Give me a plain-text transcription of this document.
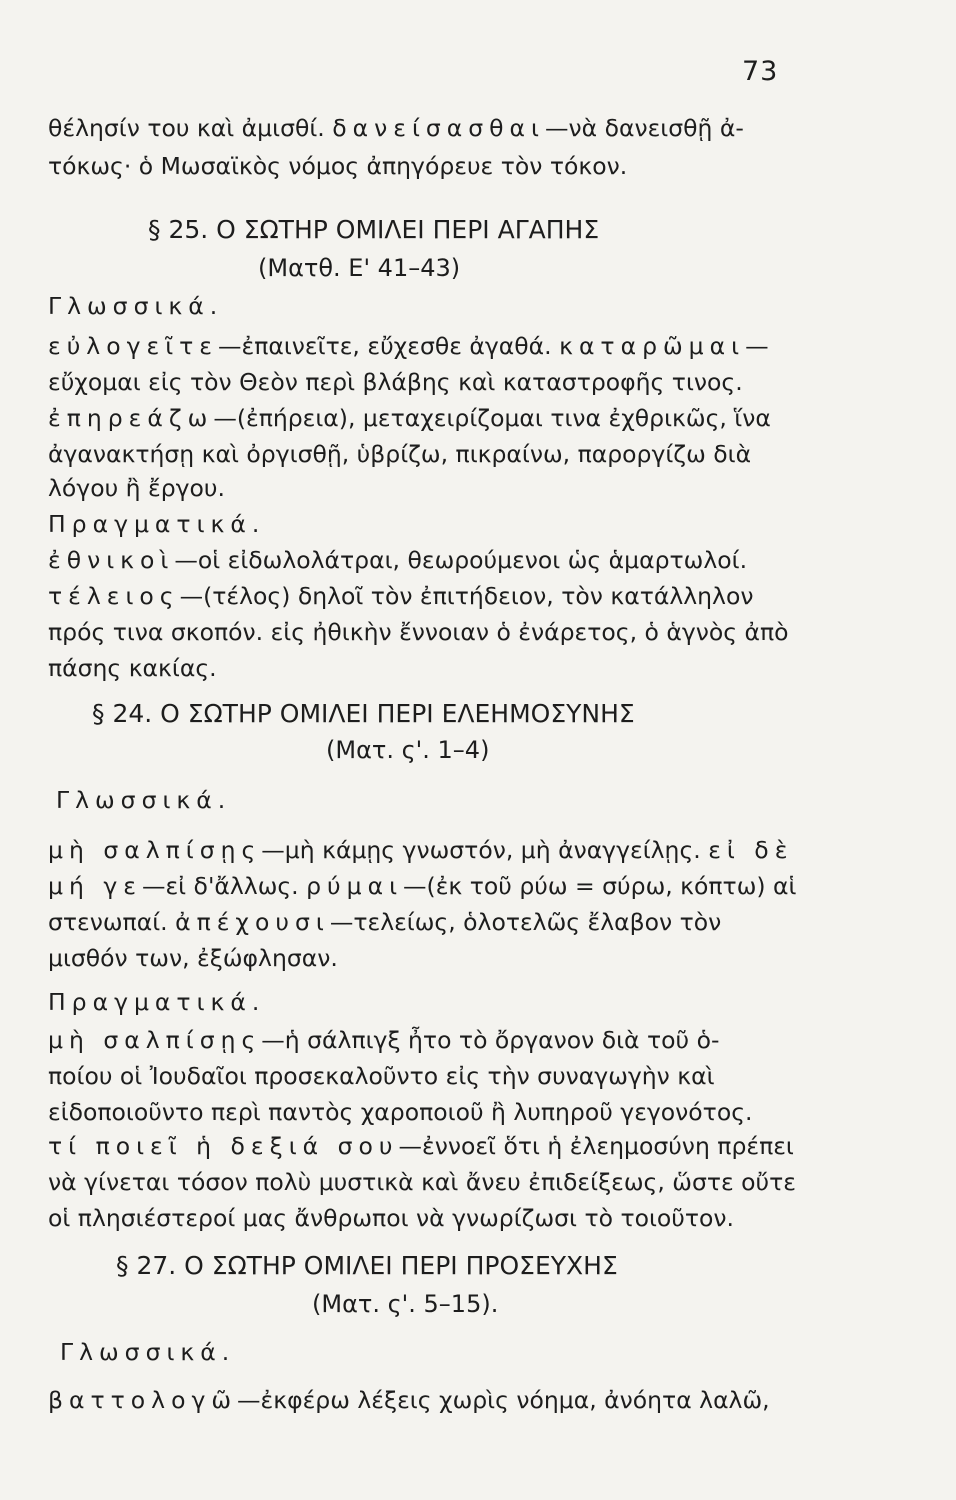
73
θέλησίν του καὶ ἀμισθί. δανείσασθαι—νὰ δανεισθῇ ἀ-
τόκως· ὁ Μωσαϊκὸς νόμος ἀπηγόρευε τὸν τόκον.
§ 25. Ο ΣΩΤΗΡ ΟΜΙΛΕΙ ΠΕΡΙ ΑΓΑΠΗΣ
(Ματθ. Ε' 41–43)
Γλωσσικά.
εὐλογεῖτε—ἐπαινεῖτε, εὔχεσθε ἀγαθά. καταρῶμαι—
εὔχομαι εἰς τὸν Θεὸν περὶ βλάβης καὶ καταστροφῆς τινος.
ἐπηρεάζω—(ἐπήρεια), μεταχειρίζομαι τινα ἐχθρικῶς, ἵνα
ἀγανακτήσῃ καὶ ὀργισθῇ, ὑβρίζω, πικραίνω, παροργίζω διὰ
λόγου ἢ ἔργου.
Πραγματικά.
ἐθνικοὶ—οἱ εἰδωλολάτραι, θεωρούμενοι ὡς ἁμαρτωλοί.
τέλειος—(τέλος) δηλοῖ τὸν ἐπιτήδειον, τὸν κατάλληλον
πρός τινα σκοπόν. εἰς ἠθικὴν ἔννοιαν ὁ ἐνάρετος, ὁ ἁγνὸς ἀπὸ
πάσης κακίας.
§ 24. Ο ΣΩΤΗΡ ΟΜΙΛΕΙ ΠΕΡΙ ΕΛΕΗΜΟΣΥΝΗΣ
(Ματ. ς'. 1–4)
Γλωσσικά.
μὴ σαλπίσῃς—μὴ κάμῃς γνωστόν, μὴ ἀναγγείλῃς. εἰ δὲ
μή γε—εἰ δ'ἄλλως. ρύμαι—(ἐκ τοῦ ρύω = σύρω, κόπτω) αἱ
στενωπαί. ἀπέχουσι—τελείως, ὁλοτελῶς ἔλαβον τὸν
μισθόν των, ἐξώφλησαν.
Πραγματικά.
μὴ σαλπίσῃς—ἡ σάλπιγξ ἦτο τὸ ὄργανον διὰ τοῦ ὁ-
ποίου οἱ Ἰουδαῖοι προσεκαλοῦντο εἰς τὴν συναγωγὴν καὶ
εἰδοποιοῦντο περὶ παντὸς χαροποιοῦ ἢ λυπηροῦ γεγονότος.
τί ποιεῖ ἡ δεξιά σου—ἐννοεῖ ὅτι ἡ ἐλεημοσύνη πρέπει
νὰ γίνεται τόσον πολὺ μυστικὰ καὶ ἄνευ ἐπιδείξεως, ὥστε οὔτε
οἱ πλησιέστεροί μας ἄνθρωποι νὰ γνωρίζωσι τὸ τοιοῦτον.
§ 27. Ο ΣΩΤΗΡ ΟΜΙΛΕΙ ΠΕΡΙ ΠΡΟΣΕΥΧΗΣ
(Ματ. ς'. 5–15).
Γλωσσικά.
βαττολογῶ—ἐκφέρω λέξεις χωρὶς νόημα, ἀνόητα λαλῶ,
